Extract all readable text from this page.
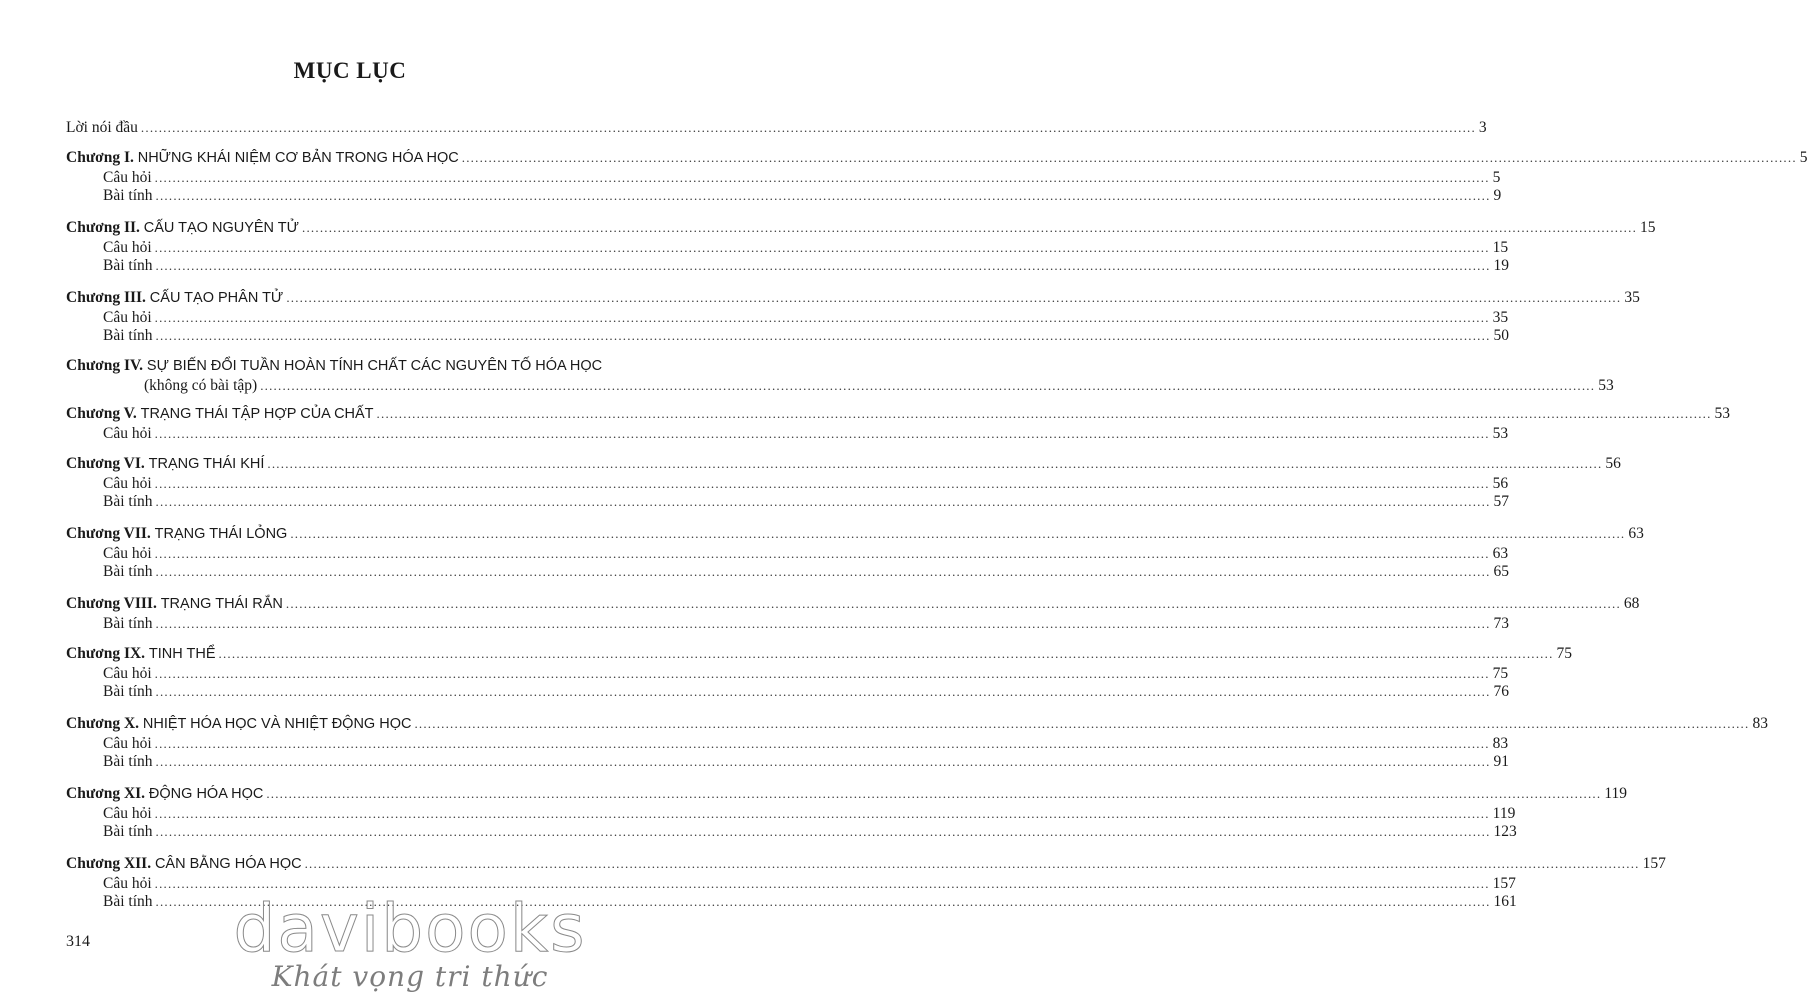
MỤC LỤC
Lời nói đầu ............................................................................................................................................................................................................................................................................................................ 3
Chương I. NHỮNG KHÁI NIỆM CƠ BẢN TRONG HÓA HỌC ............................................................................................................................................................................................................................................................................................................ 5
Câu hỏi ............................................................................................................................................................................................................................................................................................................ 5
Bài tính ............................................................................................................................................................................................................................................................................................................ 9
Chương II. CẤU TẠO NGUYÊN TỬ ............................................................................................................................................................................................................................................................................................................ 15
Câu hỏi ............................................................................................................................................................................................................................................................................................................ 15
Bài tính ............................................................................................................................................................................................................................................................................................................ 19
Chương III. CẤU TẠO PHÂN TỬ ............................................................................................................................................................................................................................................................................................................ 35
Câu hỏi ............................................................................................................................................................................................................................................................................................................ 35
Bài tính ............................................................................................................................................................................................................................................................................................................ 50
Chương IV. SỰ BIẾN ĐỔI TUẦN HOÀN TÍNH CHẤT CÁC NGUYÊN TỐ HÓA HỌC
(không có bài tập) ............................................................................................................................................................................................................................................................................................................ 53
Chương V. TRẠNG THÁI TẬP HỢP CỦA CHẤT ............................................................................................................................................................................................................................................................................................................ 53
Câu hỏi ............................................................................................................................................................................................................................................................................................................ 53
Chương VI. TRẠNG THÁI KHÍ ............................................................................................................................................................................................................................................................................................................ 56
Câu hỏi ............................................................................................................................................................................................................................................................................................................ 56
Bài tính ............................................................................................................................................................................................................................................................................................................ 57
Chương VII. TRẠNG THÁI LỎNG ............................................................................................................................................................................................................................................................................................................ 63
Câu hỏi ............................................................................................................................................................................................................................................................................................................ 63
Bài tính ............................................................................................................................................................................................................................................................................................................ 65
Chương VIII. TRẠNG THÁI RẮN ............................................................................................................................................................................................................................................................................................................ 68
Bài tính ............................................................................................................................................................................................................................................................................................................ 73
Chương IX. TINH THỂ ............................................................................................................................................................................................................................................................................................................ 75
Câu hỏi ............................................................................................................................................................................................................................................................................................................ 75
Bài tính ............................................................................................................................................................................................................................................................................................................ 76
Chương X. NHIỆT HÓA HỌC VÀ NHIỆT ĐỘNG HỌC ............................................................................................................................................................................................................................................................................................................ 83
Câu hỏi ............................................................................................................................................................................................................................................................................................................ 83
Bài tính ............................................................................................................................................................................................................................................................................................................ 91
Chương XI. ĐỘNG HÓA HỌC ............................................................................................................................................................................................................................................................................................................ 119
Câu hỏi ............................................................................................................................................................................................................................................................................................................ 119
Bài tính ............................................................................................................................................................................................................................................................................................................ 123
Chương XII. CÂN BẰNG HÓA HỌC ............................................................................................................................................................................................................................................................................................................ 157
Câu hỏi ............................................................................................................................................................................................................................................................................................................ 157
Bài tính ............................................................................................................................................................................................................................................................................................................ 161
314	davibooks
Khát vọng tri thức
